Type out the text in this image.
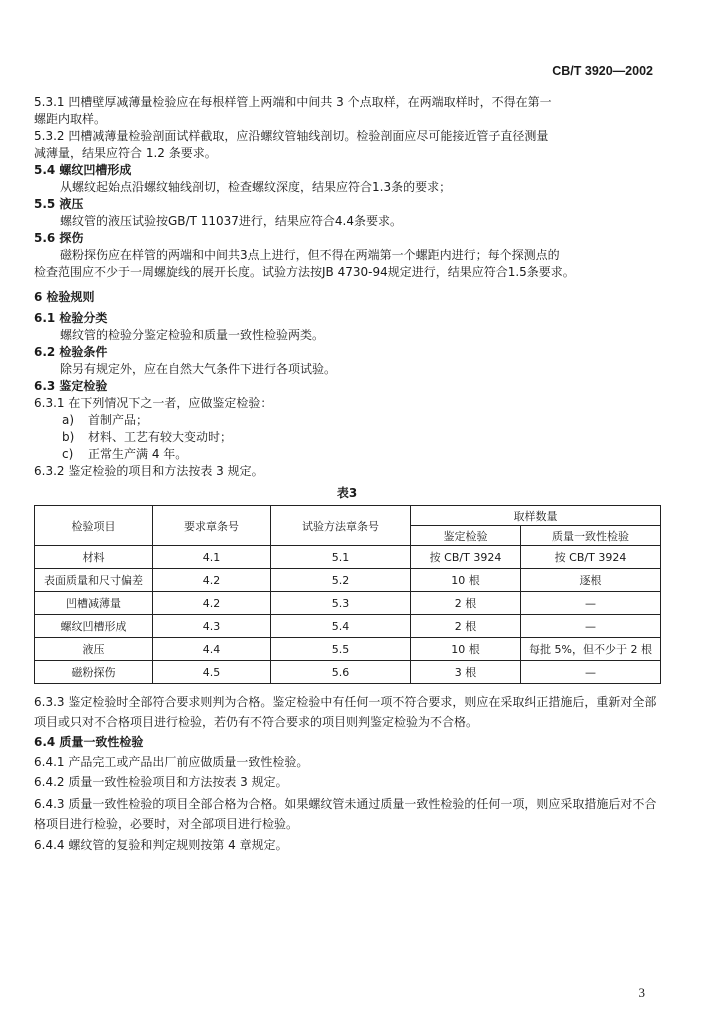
CB/T 3920—2002
5.3.1 凹槽壁厚减薄量检验应在每根样管上两端和中间共 3 个点取样，在两端取样时，不得在第一
螺距内取样。
5.3.2 凹槽减薄量检验剖面试样截取，应沿螺纹管轴线剖切。检验剖面应尽可能接近管子直径测量
减薄量，结果应符合 1.2 条要求。
5.4 螺纹凹槽形成
从螺纹起始点沿螺纹轴线剖切，检查螺纹深度，结果应符合1.3条的要求；
5.5 液压
螺纹管的液压试验按GB/T 11037进行，结果应符合4.4条要求。
5.6 探伤
磁粉探伤应在样管的两端和中间共3点上进行，但不得在两端第一个螺距内进行；每个探测点的
检查范围应不少于一周螺旋线的展开长度。试验方法按JB 4730-94规定进行，结果应符合1.5条要求。
6 检验规则
6.1 检验分类
螺纹管的检验分鉴定检验和质量一致性检验两类。
6.2 检验条件
除另有规定外，应在自然大气条件下进行各项试验。
6.3 鉴定检验
6.3.1 在下列情况下之一者，应做鉴定检验：
a) 首制产品；
b) 材料、工艺有较大变动时；
c) 正常生产满 4 年。
6.3.2 鉴定检验的项目和方法按表 3 规定。
表3
检验项目	要求章条号	试验方法章条号	取样数量	
			鉴定检验	质量一致性检验
材料	4.1	5.1	按 CB/T 3924	按 CB/T 3924
表面质量和尺寸偏差	4.2	5.2	10 根	逐根
凹槽减薄量	4.2	5.3	2 根	—
螺纹凹槽形成	4.3	5.4	2 根	—
液压	4.4	5.5	10 根	每批 5%，但不少于 2 根
磁粉探伤	4.5	5.6	3 根	—
6.3.3 鉴定检验时全部符合要求则判为合格。鉴定检验中有任何一项不符合要求，则应在采取纠正措施后，重新对全部项目或只对不合格项目进行检验，若仍有不符合要求的项目则判鉴定检验为不合格。
6.4 质量一致性检验
6.4.1 产品完工或产品出厂前应做质量一致性检验。
6.4.2 质量一致性检验项目和方法按表 3 规定。
6.4.3 质量一致性检验的项目全部合格为合格。如果螺纹管未通过质量一致性检验的任何一项，则应采取措施后对不合格项目进行检验，必要时，对全部项目进行检验。
6.4.4 螺纹管的复验和判定规则按第 4 章规定。
3
